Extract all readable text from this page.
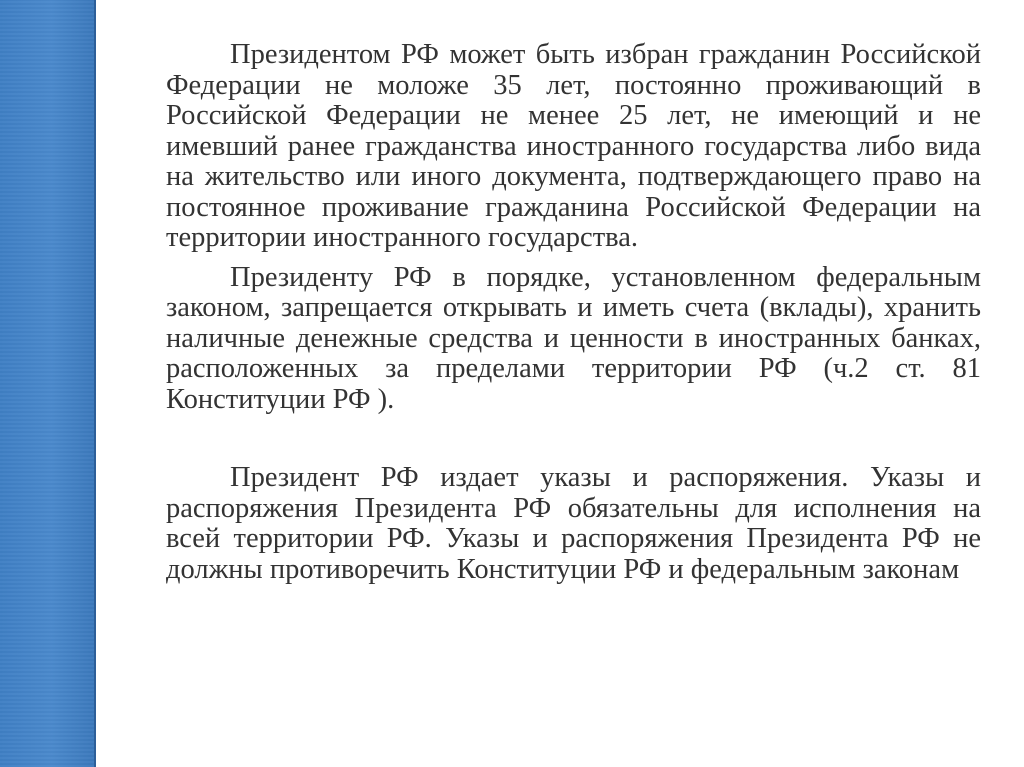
Президентом РФ может быть избран гражданин Российской Федерации не моложе 35 лет, постоянно проживающий в Российской Федерации не менее 25 лет, не имеющий и не имевший ранее гражданства иностранного государства либо вида на жительство или иного документа, подтверждающего право на постоянное проживание гражданина Российской Федерации на территории иностранного государства.

Президенту РФ в порядке, установленном федеральным законом, запрещается открывать и иметь счета (вклады), хранить наличные денежные средства и ценности в иностранных банках, расположенных за пределами территории РФ (ч.2 ст. 81 Конституции РФ ).

Президент РФ издает указы и распоряжения. Указы и распоряжения Президента РФ обязательны для исполнения на всей территории РФ. Указы и распоряжения Президента РФ не должны противоречить Конституции РФ и федеральным законам
